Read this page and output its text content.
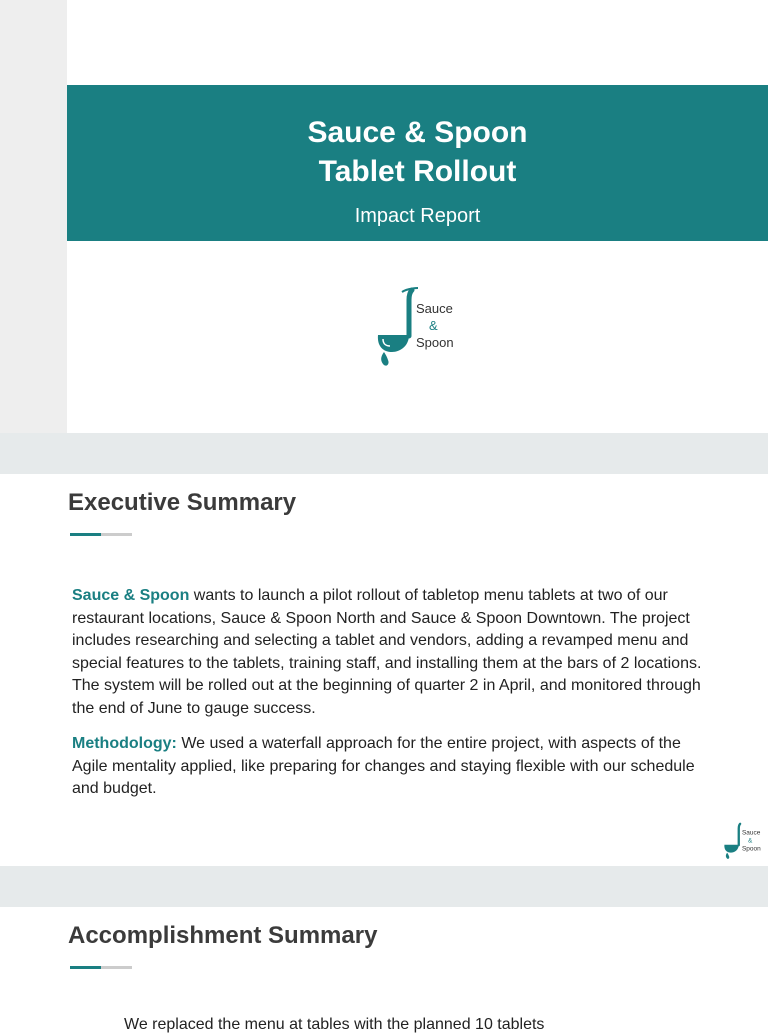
Sauce & Spoon
Tablet Rollout
Impact Report
Sauce
&
Spoon
Executive Summary

Sauce & Spoon wants to launch a pilot rollout of tabletop menu tablets at two of our restaurant locations, Sauce & Spoon North and Sauce & Spoon Downtown. The project includes researching and selecting a tablet and vendors, adding a revamped menu and special features to the tablets, training staff, and installing them at the bars of 2 locations. The system will be rolled out at the beginning of quarter 2 in April, and monitored through the end of June to gauge success.

Methodology: We used a waterfall approach for the entire project, with aspects of the Agile mentality applied, like preparing for changes and staying flexible with our schedule and budget.

Sauce
&
Spoon
Accomplishment Summary
We replaced the menu at tables with the planned 10 tablets
